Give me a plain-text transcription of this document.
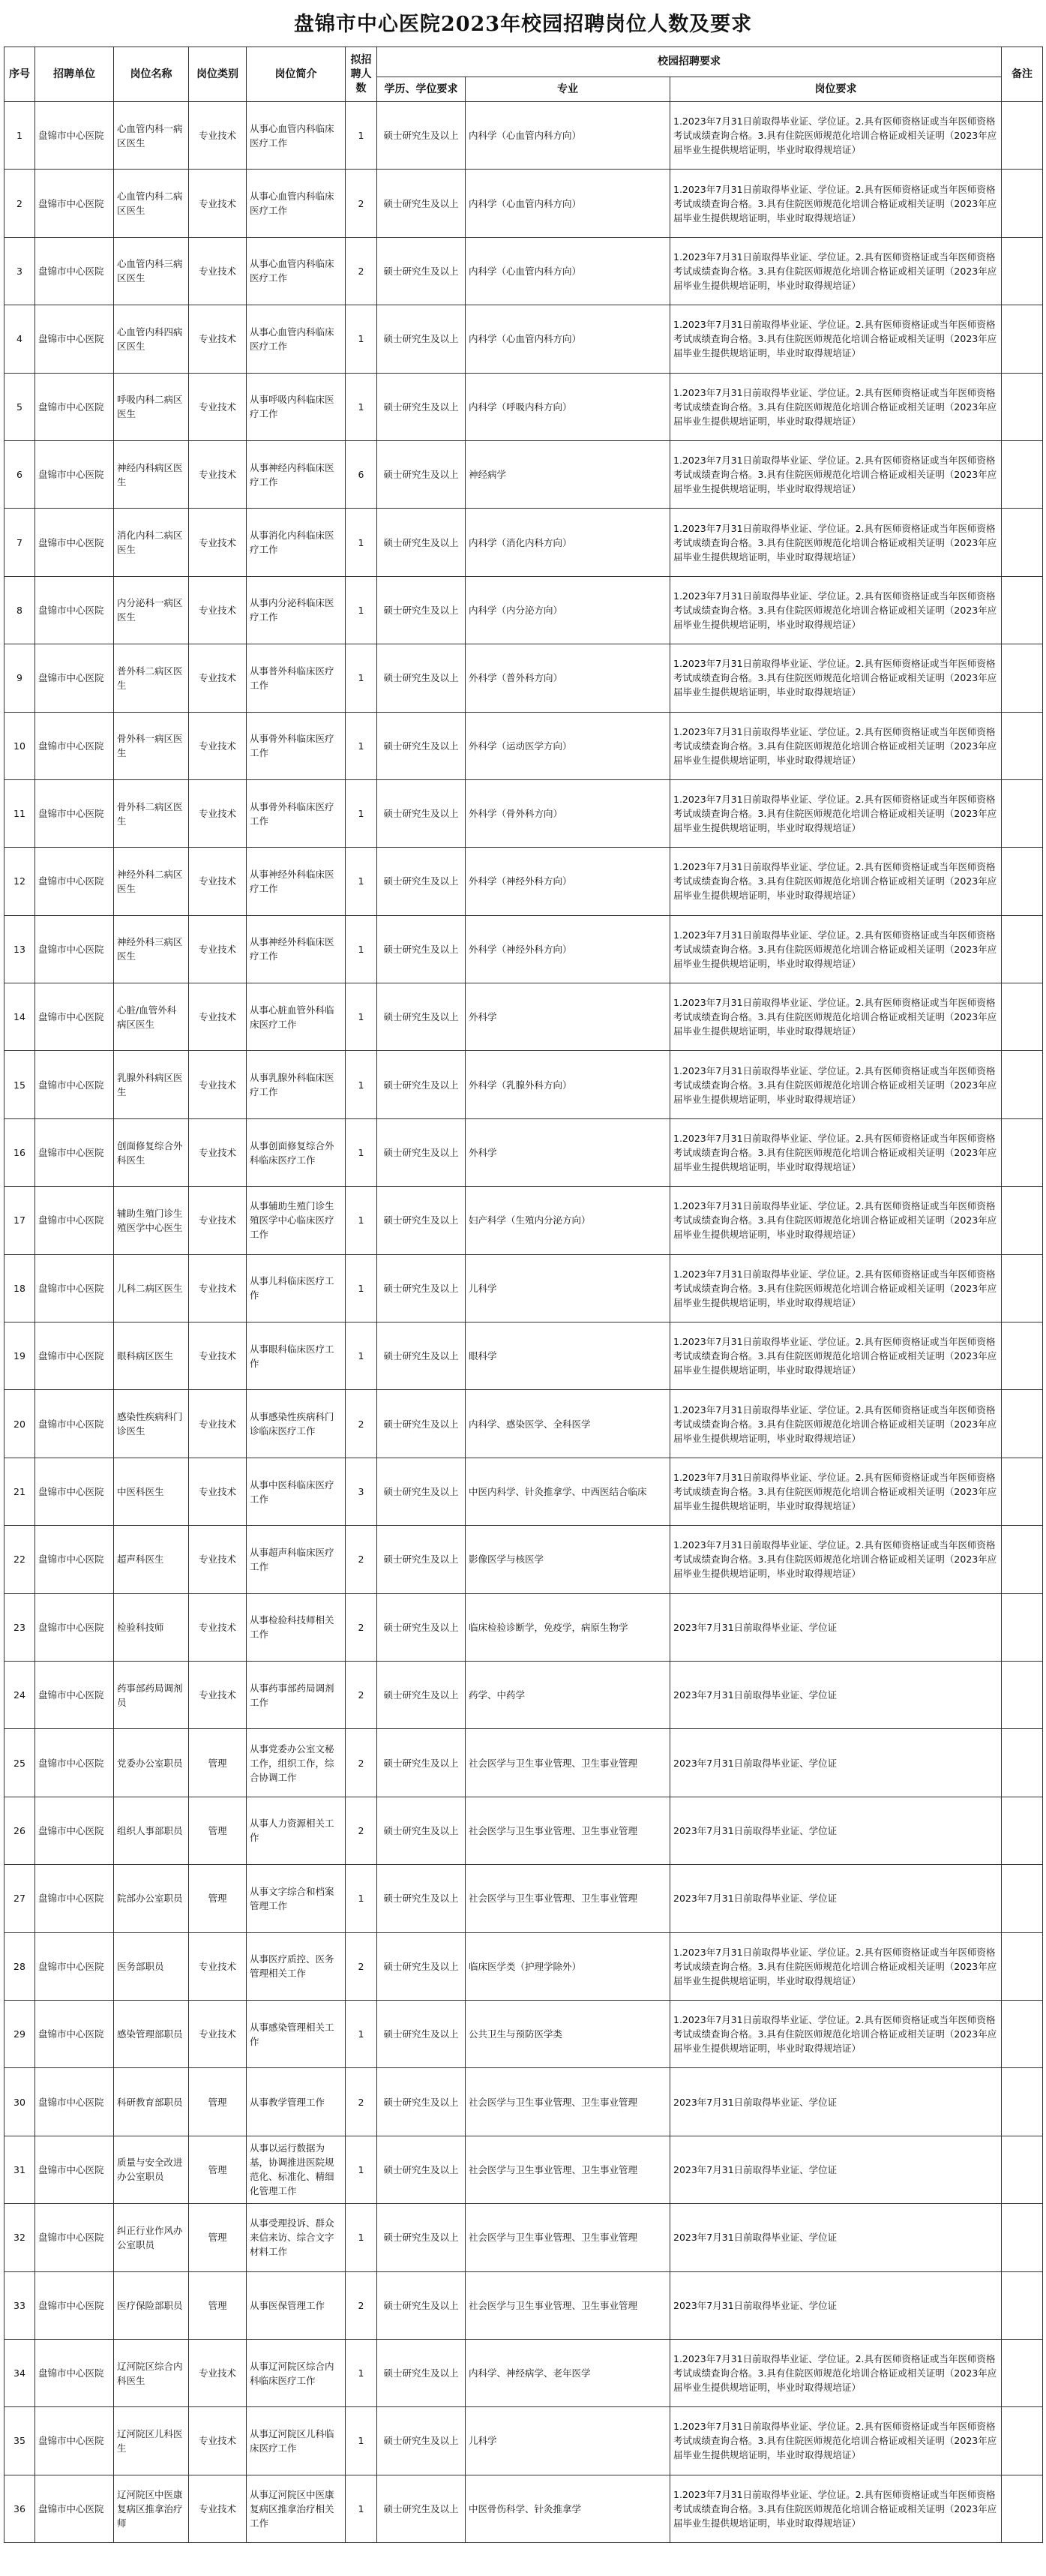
盘锦市中心医院2023年校园招聘岗位人数及要求
序号	招聘单位	岗位名称	岗位类别	岗位简介	拟招聘人数	校园招聘要求			备注
						学历、学位要求	专业	岗位要求	
1	盘锦市中心医院	心血管内科一病区医生	专业技术	从事心血管内科临床医疗工作	1	硕士研究生及以上	内科学（心血管内科方向）	1.2023年7月31日前取得毕业证、学位证。2.具有医师资格证或当年医师资格考试成绩查询合格。3.具有住院医师规范化培训合格证或相关证明（2023年应届毕业生提供规培证明，毕业时取得规培证）	
2	盘锦市中心医院	心血管内科二病区医生	专业技术	从事心血管内科临床医疗工作	2	硕士研究生及以上	内科学（心血管内科方向）	1.2023年7月31日前取得毕业证、学位证。2.具有医师资格证或当年医师资格考试成绩查询合格。3.具有住院医师规范化培训合格证或相关证明（2023年应届毕业生提供规培证明，毕业时取得规培证）	
3	盘锦市中心医院	心血管内科三病区医生	专业技术	从事心血管内科临床医疗工作	2	硕士研究生及以上	内科学（心血管内科方向）	1.2023年7月31日前取得毕业证、学位证。2.具有医师资格证或当年医师资格考试成绩查询合格。3.具有住院医师规范化培训合格证或相关证明（2023年应届毕业生提供规培证明，毕业时取得规培证）	
4	盘锦市中心医院	心血管内科四病区医生	专业技术	从事心血管内科临床医疗工作	1	硕士研究生及以上	内科学（心血管内科方向）	1.2023年7月31日前取得毕业证、学位证。2.具有医师资格证或当年医师资格考试成绩查询合格。3.具有住院医师规范化培训合格证或相关证明（2023年应届毕业生提供规培证明，毕业时取得规培证）	
5	盘锦市中心医院	呼吸内科二病区医生	专业技术	从事呼吸内科临床医疗工作	1	硕士研究生及以上	内科学（呼吸内科方向）	1.2023年7月31日前取得毕业证、学位证。2.具有医师资格证或当年医师资格考试成绩查询合格。3.具有住院医师规范化培训合格证或相关证明（2023年应届毕业生提供规培证明，毕业时取得规培证）	
6	盘锦市中心医院	神经内科病区医生	专业技术	从事神经内科临床医疗工作	6	硕士研究生及以上	神经病学	1.2023年7月31日前取得毕业证、学位证。2.具有医师资格证或当年医师资格考试成绩查询合格。3.具有住院医师规范化培训合格证或相关证明（2023年应届毕业生提供规培证明，毕业时取得规培证）	
7	盘锦市中心医院	消化内科二病区医生	专业技术	从事消化内科临床医疗工作	1	硕士研究生及以上	内科学（消化内科方向）	1.2023年7月31日前取得毕业证、学位证。2.具有医师资格证或当年医师资格考试成绩查询合格。3.具有住院医师规范化培训合格证或相关证明（2023年应届毕业生提供规培证明，毕业时取得规培证）	
8	盘锦市中心医院	内分泌科一病区医生	专业技术	从事内分泌科临床医疗工作	1	硕士研究生及以上	内科学（内分泌方向）	1.2023年7月31日前取得毕业证、学位证。2.具有医师资格证或当年医师资格考试成绩查询合格。3.具有住院医师规范化培训合格证或相关证明（2023年应届毕业生提供规培证明，毕业时取得规培证）	
9	盘锦市中心医院	普外科二病区医生	专业技术	从事普外科临床医疗工作	1	硕士研究生及以上	外科学（普外科方向）	1.2023年7月31日前取得毕业证、学位证。2.具有医师资格证或当年医师资格考试成绩查询合格。3.具有住院医师规范化培训合格证或相关证明（2023年应届毕业生提供规培证明，毕业时取得规培证）	
10	盘锦市中心医院	骨外科一病区医生	专业技术	从事骨外科临床医疗工作	1	硕士研究生及以上	外科学（运动医学方向）	1.2023年7月31日前取得毕业证、学位证。2.具有医师资格证或当年医师资格考试成绩查询合格。3.具有住院医师规范化培训合格证或相关证明（2023年应届毕业生提供规培证明，毕业时取得规培证）	
11	盘锦市中心医院	骨外科二病区医生	专业技术	从事骨外科临床医疗工作	1	硕士研究生及以上	外科学（骨外科方向）	1.2023年7月31日前取得毕业证、学位证。2.具有医师资格证或当年医师资格考试成绩查询合格。3.具有住院医师规范化培训合格证或相关证明（2023年应届毕业生提供规培证明，毕业时取得规培证）	
12	盘锦市中心医院	神经外科二病区医生	专业技术	从事神经外科临床医疗工作	1	硕士研究生及以上	外科学（神经外科方向）	1.2023年7月31日前取得毕业证、学位证。2.具有医师资格证或当年医师资格考试成绩查询合格。3.具有住院医师规范化培训合格证或相关证明（2023年应届毕业生提供规培证明，毕业时取得规培证）	
13	盘锦市中心医院	神经外科三病区医生	专业技术	从事神经外科临床医疗工作	1	硕士研究生及以上	外科学（神经外科方向）	1.2023年7月31日前取得毕业证、学位证。2.具有医师资格证或当年医师资格考试成绩查询合格。3.具有住院医师规范化培训合格证或相关证明（2023年应届毕业生提供规培证明，毕业时取得规培证）	
14	盘锦市中心医院	心脏/血管外科病区医生	专业技术	从事心脏血管外科临床医疗工作	1	硕士研究生及以上	外科学	1.2023年7月31日前取得毕业证、学位证。2.具有医师资格证或当年医师资格考试成绩查询合格。3.具有住院医师规范化培训合格证或相关证明（2023年应届毕业生提供规培证明，毕业时取得规培证）	
15	盘锦市中心医院	乳腺外科病区医生	专业技术	从事乳腺外科临床医疗工作	1	硕士研究生及以上	外科学（乳腺外科方向）	1.2023年7月31日前取得毕业证、学位证。2.具有医师资格证或当年医师资格考试成绩查询合格。3.具有住院医师规范化培训合格证或相关证明（2023年应届毕业生提供规培证明，毕业时取得规培证）	
16	盘锦市中心医院	创面修复综合外科医生	专业技术	从事创面修复综合外科临床医疗工作	1	硕士研究生及以上	外科学	1.2023年7月31日前取得毕业证、学位证。2.具有医师资格证或当年医师资格考试成绩查询合格。3.具有住院医师规范化培训合格证或相关证明（2023年应届毕业生提供规培证明，毕业时取得规培证）	
17	盘锦市中心医院	辅助生殖门诊生殖医学中心医生	专业技术	从事辅助生殖门诊生殖医学中心临床医疗工作	1	硕士研究生及以上	妇产科学（生殖内分泌方向）	1.2023年7月31日前取得毕业证、学位证。2.具有医师资格证或当年医师资格考试成绩查询合格。3.具有住院医师规范化培训合格证或相关证明（2023年应届毕业生提供规培证明，毕业时取得规培证）	
18	盘锦市中心医院	儿科二病区医生	专业技术	从事儿科临床医疗工作	1	硕士研究生及以上	儿科学	1.2023年7月31日前取得毕业证、学位证。2.具有医师资格证或当年医师资格考试成绩查询合格。3.具有住院医师规范化培训合格证或相关证明（2023年应届毕业生提供规培证明，毕业时取得规培证）	
19	盘锦市中心医院	眼科病区医生	专业技术	从事眼科临床医疗工作	1	硕士研究生及以上	眼科学	1.2023年7月31日前取得毕业证、学位证。2.具有医师资格证或当年医师资格考试成绩查询合格。3.具有住院医师规范化培训合格证或相关证明（2023年应届毕业生提供规培证明，毕业时取得规培证）	
20	盘锦市中心医院	感染性疾病科门诊医生	专业技术	从事感染性疾病科门诊临床医疗工作	2	硕士研究生及以上	内科学、感染医学、全科医学	1.2023年7月31日前取得毕业证、学位证。2.具有医师资格证或当年医师资格考试成绩查询合格。3.具有住院医师规范化培训合格证或相关证明（2023年应届毕业生提供规培证明，毕业时取得规培证）	
21	盘锦市中心医院	中医科医生	专业技术	从事中医科临床医疗工作	3	硕士研究生及以上	中医内科学、针灸推拿学、中西医结合临床	1.2023年7月31日前取得毕业证、学位证。2.具有医师资格证或当年医师资格考试成绩查询合格。3.具有住院医师规范化培训合格证或相关证明（2023年应届毕业生提供规培证明，毕业时取得规培证）	
22	盘锦市中心医院	超声科医生	专业技术	从事超声科临床医疗工作	2	硕士研究生及以上	影像医学与核医学	1.2023年7月31日前取得毕业证、学位证。2.具有医师资格证或当年医师资格考试成绩查询合格。3.具有住院医师规范化培训合格证或相关证明（2023年应届毕业生提供规培证明，毕业时取得规培证）	
23	盘锦市中心医院	检验科技师	专业技术	从事检验科技师相关工作	2	硕士研究生及以上	临床检验诊断学，免疫学，病原生物学	2023年7月31日前取得毕业证、学位证	
24	盘锦市中心医院	药事部药局调剂员	专业技术	从事药事部药局调剂工作	2	硕士研究生及以上	药学、中药学	2023年7月31日前取得毕业证、学位证	
25	盘锦市中心医院	党委办公室职员	管理	从事党委办公室文秘工作，组织工作，综合协调工作	2	硕士研究生及以上	社会医学与卫生事业管理、卫生事业管理	2023年7月31日前取得毕业证、学位证	
26	盘锦市中心医院	组织人事部职员	管理	从事人力资源相关工作	2	硕士研究生及以上	社会医学与卫生事业管理、卫生事业管理	2023年7月31日前取得毕业证、学位证	
27	盘锦市中心医院	院部办公室职员	管理	从事文字综合和档案管理工作	1	硕士研究生及以上	社会医学与卫生事业管理、卫生事业管理	2023年7月31日前取得毕业证、学位证	
28	盘锦市中心医院	医务部职员	专业技术	从事医疗质控、医务管理相关工作	2	硕士研究生及以上	临床医学类（护理学除外）	1.2023年7月31日前取得毕业证、学位证。2.具有医师资格证或当年医师资格考试成绩查询合格。3.具有住院医师规范化培训合格证或相关证明（2023年应届毕业生提供规培证明，毕业时取得规培证）	
29	盘锦市中心医院	感染管理部职员	专业技术	从事感染管理相关工作	1	硕士研究生及以上	公共卫生与预防医学类	1.2023年7月31日前取得毕业证、学位证。2.具有医师资格证或当年医师资格考试成绩查询合格。3.具有住院医师规范化培训合格证或相关证明（2023年应届毕业生提供规培证明，毕业时取得规培证）	
30	盘锦市中心医院	科研教育部职员	管理	从事教学管理工作	2	硕士研究生及以上	社会医学与卫生事业管理、卫生事业管理	2023年7月31日前取得毕业证、学位证	
31	盘锦市中心医院	质量与安全改进办公室职员	管理	从事以运行数据为基，协调推进医院规范化、标准化、精细化管理工作	1	硕士研究生及以上	社会医学与卫生事业管理、卫生事业管理	2023年7月31日前取得毕业证、学位证	
32	盘锦市中心医院	纠正行业作风办公室职员	管理	从事受理投诉、群众来信来访、综合文字材料工作	1	硕士研究生及以上	社会医学与卫生事业管理、卫生事业管理	2023年7月31日前取得毕业证、学位证	
33	盘锦市中心医院	医疗保险部职员	管理	从事医保管理工作	2	硕士研究生及以上	社会医学与卫生事业管理、卫生事业管理	2023年7月31日前取得毕业证、学位证	
34	盘锦市中心医院	辽河院区综合内科医生	专业技术	从事辽河院区综合内科临床医疗工作	1	硕士研究生及以上	内科学、神经病学、老年医学	1.2023年7月31日前取得毕业证、学位证。2.具有医师资格证或当年医师资格考试成绩查询合格。3.具有住院医师规范化培训合格证或相关证明（2023年应届毕业生提供规培证明，毕业时取得规培证）	
35	盘锦市中心医院	辽河院区儿科医生	专业技术	从事辽河院区儿科临床医疗工作	1	硕士研究生及以上	儿科学	1.2023年7月31日前取得毕业证、学位证。2.具有医师资格证或当年医师资格考试成绩查询合格。3.具有住院医师规范化培训合格证或相关证明（2023年应届毕业生提供规培证明，毕业时取得规培证）	
36	盘锦市中心医院	辽河院区中医康复病区推拿治疗师	专业技术	从事辽河院区中医康复病区推拿治疗相关工作	1	硕士研究生及以上	中医骨伤科学、针灸推拿学	1.2023年7月31日前取得毕业证、学位证。2.具有医师资格证或当年医师资格考试成绩查询合格。3.具有住院医师规范化培训合格证或相关证明（2023年应届毕业生提供规培证明，毕业时取得规培证）	
